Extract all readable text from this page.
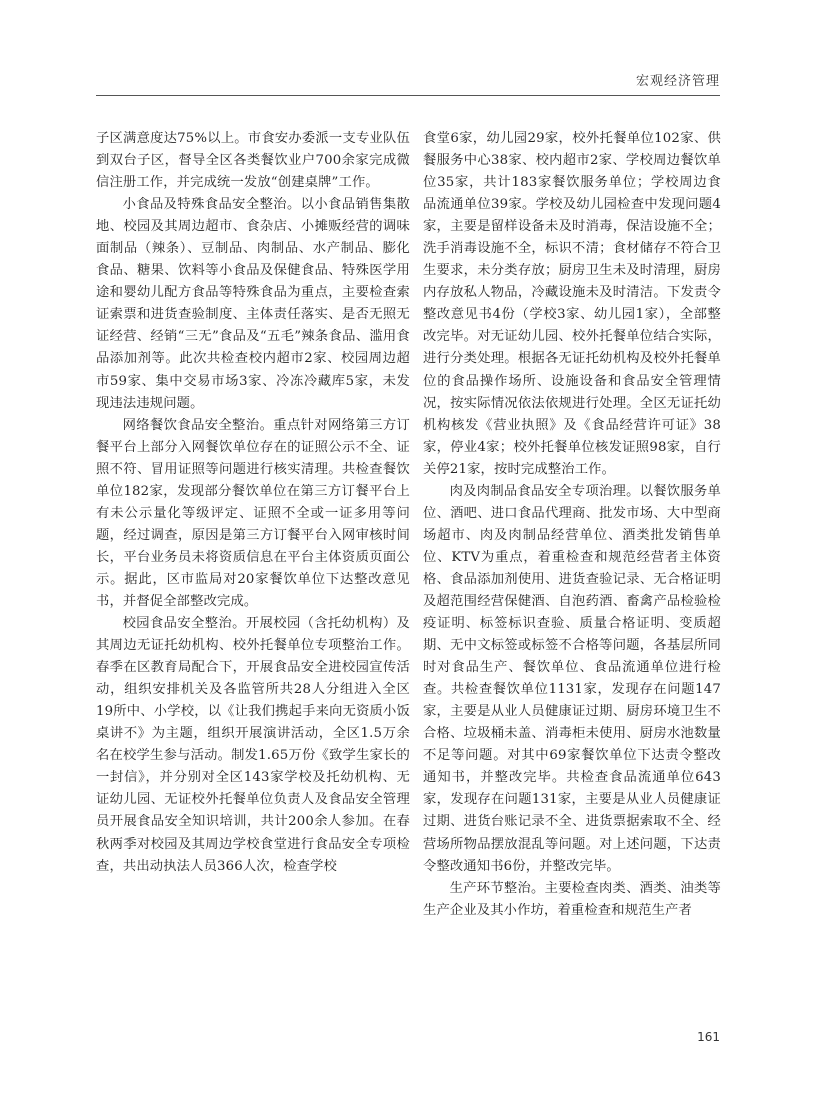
宏观经济管理

子区满意度达75%以上。市食安办委派一支专业队伍到双台子区，督导全区各类餐饮业户700余家完成微信注册工作，并完成统一发放“创建桌牌”工作。

小食品及特殊食品安全整治。以小食品销售集散地、校园及其周边超市、食杂店、小摊贩经营的调味面制品（辣条）、豆制品、肉制品、水产制品、膨化食品、糖果、饮料等小食品及保健食品、特殊医学用途和婴幼儿配方食品等特殊食品为重点，主要检查索证索票和进货查验制度、主体责任落实、是否无照无证经营、经销“三无”食品及“五毛”辣条食品、滥用食品添加剂等。此次共检查校内超市2家、校园周边超市59家、集中交易市场3家、冷冻冷藏库5家，未发现违法违规问题。

网络餐饮食品安全整治。重点针对网络第三方订餐平台上部分入网餐饮单位存在的证照公示不全、证照不符、冒用证照等问题进行核实清理。共检查餐饮单位182家，发现部分餐饮单位在第三方订餐平台上有未公示量化等级评定、证照不全或一证多用等问题，经过调查，原因是第三方订餐平台入网审核时间长，平台业务员未将资质信息在平台主体资质页面公示。据此，区市监局对20家餐饮单位下达整改意见书，并督促全部整改完成。

校园食品安全整治。开展校园（含托幼机构）及其周边无证托幼机构、校外托餐单位专项整治工作。春季在区教育局配合下，开展食品安全进校园宣传活动，组织安排机关及各监管所共28人分组进入全区19所中、小学校，以《让我们携起手来向无资质小饭桌讲不》为主题，组织开展演讲活动，全区1.5万余名在校学生参与活动。制发1.65万份《致学生家长的一封信》，并分别对全区143家学校及托幼机构、无证幼儿园、无证校外托餐单位负责人及食品安全管理员开展食品安全知识培训，共计200余人参加。在春秋两季对校园及其周边学校食堂进行食品安全专项检查，共出动执法人员366人次，检查学校

食堂6家，幼儿园29家，校外托餐单位102家、供餐服务中心38家、校内超市2家、学校周边餐饮单位35家，共计183家餐饮服务单位；学校周边食品流通单位39家。学校及幼儿园检查中发现问题4家，主要是留样设备未及时消毒，保洁设施不全；洗手消毒设施不全，标识不清；食材储存不符合卫生要求，未分类存放；厨房卫生未及时清理，厨房内存放私人物品，冷藏设施未及时清洁。下发责令整改意见书4份（学校3家、幼儿园1家），全部整改完毕。对无证幼儿园、校外托餐单位结合实际，进行分类处理。根据各无证托幼机构及校外托餐单位的食品操作场所、设施设备和食品安全管理情况，按实际情况依法依规进行处理。全区无证托幼机构核发《营业执照》及《食品经营许可证》38家，停业4家；校外托餐单位核发证照98家，自行关停21家，按时完成整治工作。

肉及肉制品食品安全专项治理。以餐饮服务单位、酒吧、进口食品代理商、批发市场、大中型商场超市、肉及肉制品经营单位、酒类批发销售单位、KTV为重点，着重检查和规范经营者主体资格、食品添加剂使用、进货查验记录、无合格证明及超范围经营保健酒、自泡药酒、畜禽产品检验检疫证明、标签标识查验、质量合格证明、变质超期、无中文标签或标签不合格等问题，各基层所同时对食品生产、餐饮单位、食品流通单位进行检查。共检查餐饮单位1131家，发现存在问题147家，主要是从业人员健康证过期、厨房环境卫生不合格、垃圾桶未盖、消毒柜未使用、厨房水池数量不足等问题。对其中69家餐饮单位下达责令整改通知书，并整改完毕。共检查食品流通单位643家，发现存在问题131家，主要是从业人员健康证过期、进货台账记录不全、进货票据索取不全、经营场所物品摆放混乱等问题。对上述问题，下达责令整改通知书6份，并整改完毕。

生产环节整治。主要检查肉类、酒类、油类等生产企业及其小作坊，着重检查和规范生产者

161
